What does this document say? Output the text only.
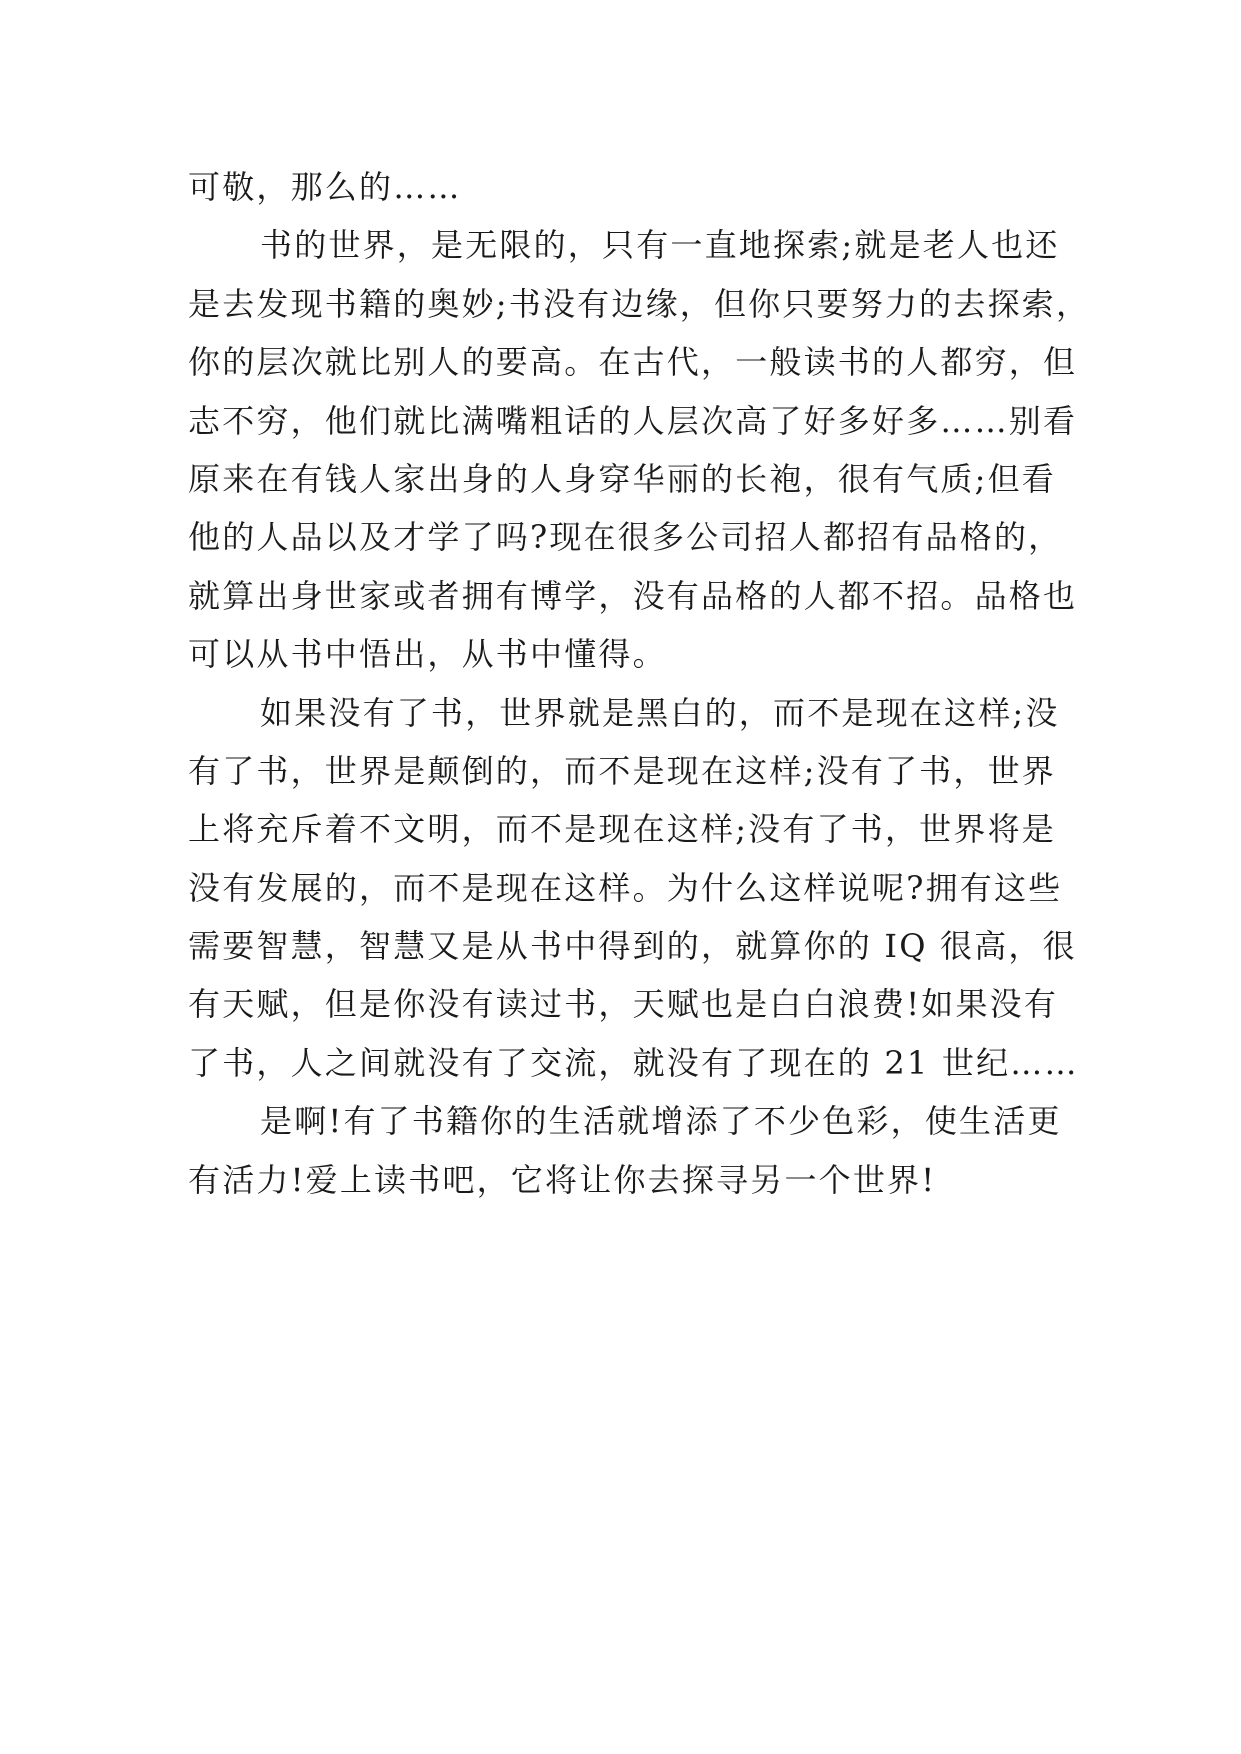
可敬，那么的……
书的世界，是无限的，只有一直地探索;就是老人也还
是去发现书籍的奥妙;书没有边缘，但你只要努力的去探索，
你的层次就比别人的要高。在古代，一般读书的人都穷，但
志不穷，他们就比满嘴粗话的人层次高了好多好多……别看
原来在有钱人家出身的人身穿华丽的长袍，很有气质;但看
他的人品以及才学了吗?现在很多公司招人都招有品格的，
就算出身世家或者拥有博学，没有品格的人都不招。品格也
可以从书中悟出，从书中懂得。
如果没有了书，世界就是黑白的，而不是现在这样;没
有了书，世界是颠倒的，而不是现在这样;没有了书，世界
上将充斥着不文明，而不是现在这样;没有了书，世界将是
没有发展的，而不是现在这样。为什么这样说呢?拥有这些
需要智慧，智慧又是从书中得到的，就算你的 IQ 很高，很
有天赋，但是你没有读过书，天赋也是白白浪费!如果没有
了书，人之间就没有了交流，就没有了现在的 21 世纪……
是啊!有了书籍你的生活就增添了不少色彩，使生活更
有活力!爱上读书吧，它将让你去探寻另一个世界!
